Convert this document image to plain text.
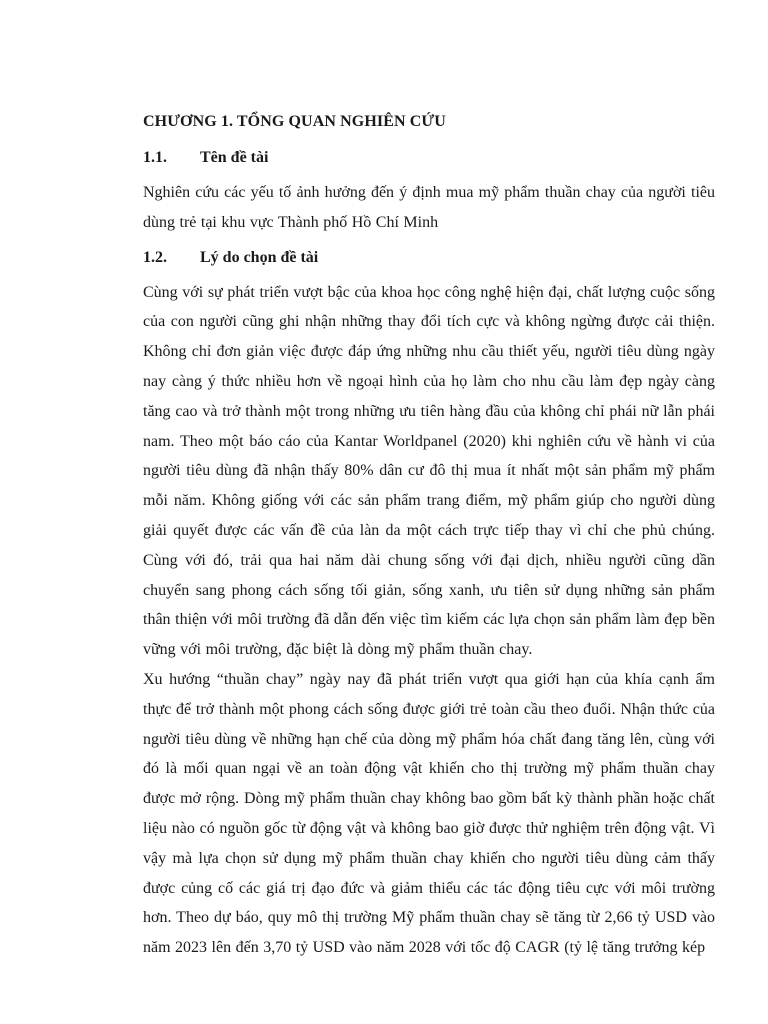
CHƯƠNG 1. TỔNG QUAN NGHIÊN CỨU
1.1.	Tên đề tài

Nghiên cứu các yếu tố ảnh hưởng đến ý định mua mỹ phẩm thuần chay của người tiêu dùng trẻ tại khu vực Thành phố Hồ Chí Minh

1.2.	Lý do chọn đề tài

Cùng với sự phát triển vượt bậc của khoa học công nghệ hiện đại, chất lượng cuộc sống của con người cũng ghi nhận những thay đổi tích cực và không ngừng được cải thiện. Không chỉ đơn giản việc được đáp ứng những nhu cầu thiết yếu, người tiêu dùng ngày nay càng ý thức nhiều hơn về ngoại hình của họ làm cho nhu cầu làm đẹp ngày càng tăng cao và trở thành một trong những ưu tiên hàng đầu của không chỉ phái nữ lẫn phái nam. Theo một báo cáo của Kantar Worldpanel (2020) khi nghiên cứu về hành vi của người tiêu dùng đã nhận thấy 80% dân cư đô thị mua ít nhất một sản phẩm mỹ phẩm mỗi năm. Không giống với các sản phẩm trang điểm, mỹ phẩm giúp cho người dùng giải quyết được các vấn đề của làn da một cách trực tiếp thay vì chỉ che phủ chúng. Cùng với đó, trải qua hai năm dài chung sống với đại dịch, nhiều người cũng dần chuyển sang phong cách sống tối giản, sống xanh, ưu tiên sử dụng những sản phẩm thân thiện với môi trường đã dẫn đến việc tìm kiếm các lựa chọn sản phẩm làm đẹp bền vững với môi trường, đặc biệt là dòng mỹ phẩm thuần chay.

Xu hướng “thuần chay” ngày nay đã phát triển vượt qua giới hạn của khía cạnh ẩm thực để trở thành một phong cách sống được giới trẻ toàn cầu theo đuổi. Nhận thức của người tiêu dùng về những hạn chế của dòng mỹ phẩm hóa chất đang tăng lên, cùng với đó là mối quan ngại về an toàn động vật khiến cho thị trường mỹ phẩm thuần chay được mở rộng. Dòng mỹ phẩm thuần chay không bao gồm bất kỳ thành phần hoặc chất liệu nào có nguồn gốc từ động vật và không bao giờ được thử nghiệm trên động vật. Vì vậy mà lựa chọn sử dụng mỹ phẩm thuần chay khiến cho người tiêu dùng cảm thấy được củng cố các giá trị đạo đức và giảm thiểu các tác động tiêu cực với môi trường hơn. Theo dự báo, quy mô thị trường Mỹ phẩm thuần chay sẽ tăng từ 2,66 tỷ USD vào năm 2023 lên đến 3,70 tỷ USD vào năm 2028 với tốc độ CAGR (tỷ lệ tăng trưởng kép
